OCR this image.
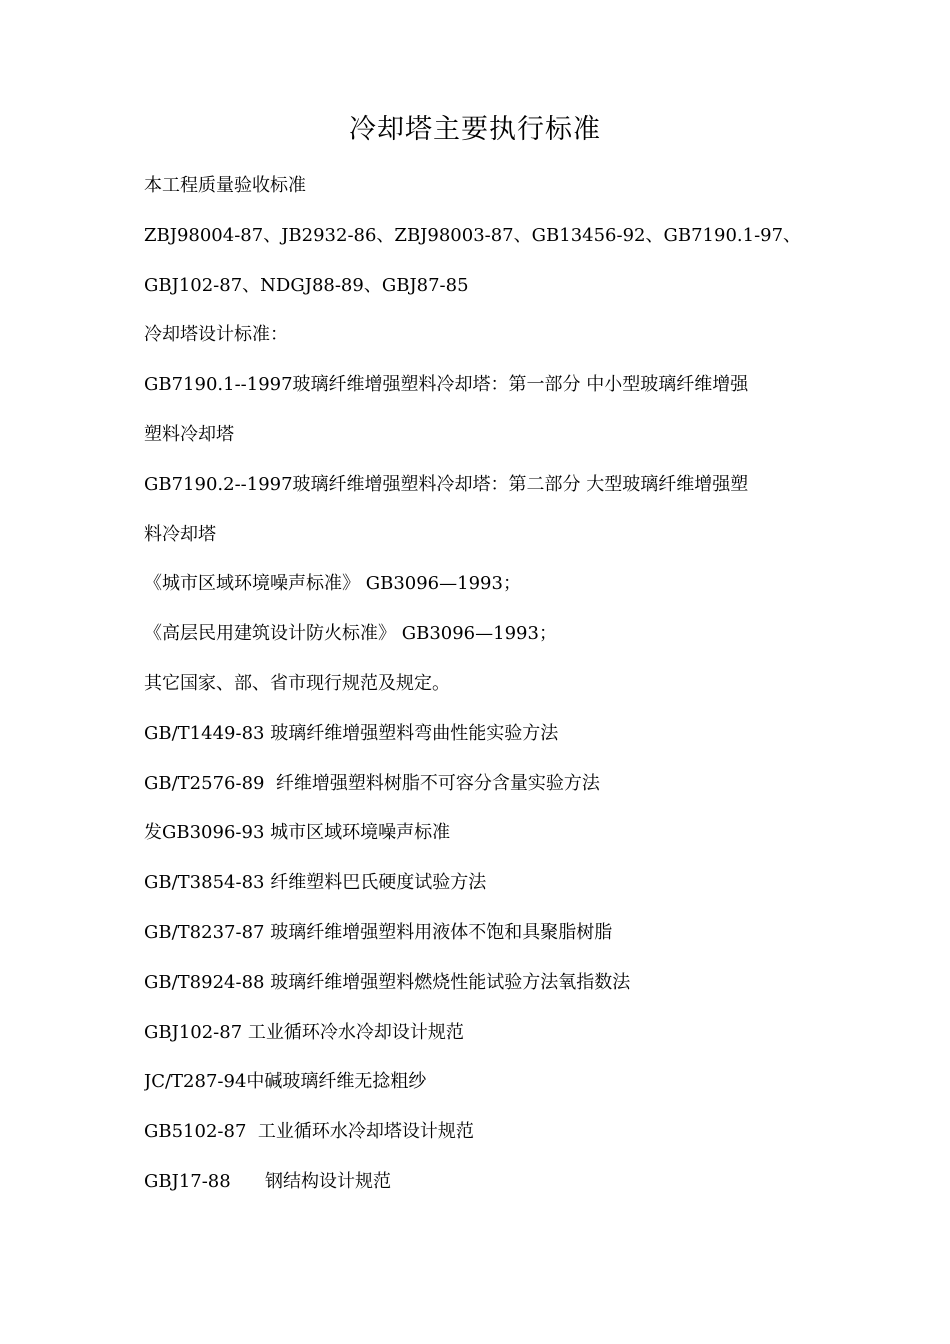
冷却塔主要执行标准
本工程质量验收标准
ZBJ98004-87、JB2932-86、ZBJ98003-87、GB13456-92、GB7190.1-97、
GBJ102-87、NDGJ88-89、GBJ87-85
冷却塔设计标准：
GB7190.1--1997玻璃纤维增强塑料冷却塔：第一部分 中小型玻璃纤维增强
塑料冷却塔
GB7190.2--1997玻璃纤维增强塑料冷却塔：第二部分 大型玻璃纤维增强塑
料冷却塔
《城市区域环境噪声标准》 GB3096—1993；
《高层民用建筑设计防火标准》 GB3096—1993；
其它国家、部、省市现行规范及规定。
GB/T1449-83 玻璃纤维增强塑料弯曲性能实验方法
GB/T2576-89  纤维增强塑料树脂不可容分含量实验方法
发GB3096-93 城市区域环境噪声标准
GB/T3854-83 纤维塑料巴氏硬度试验方法
GB/T8237-87 玻璃纤维增强塑料用液体不饱和具聚脂树脂
GB/T8924-88 玻璃纤维增强塑料燃烧性能试验方法氧指数法
GBJ102-87 工业循环冷水冷却设计规范
JC/T287-94中碱玻璃纤维无捻粗纱
GB5102-87  工业循环水冷却塔设计规范
GBJ17-88      钢结构设计规范
